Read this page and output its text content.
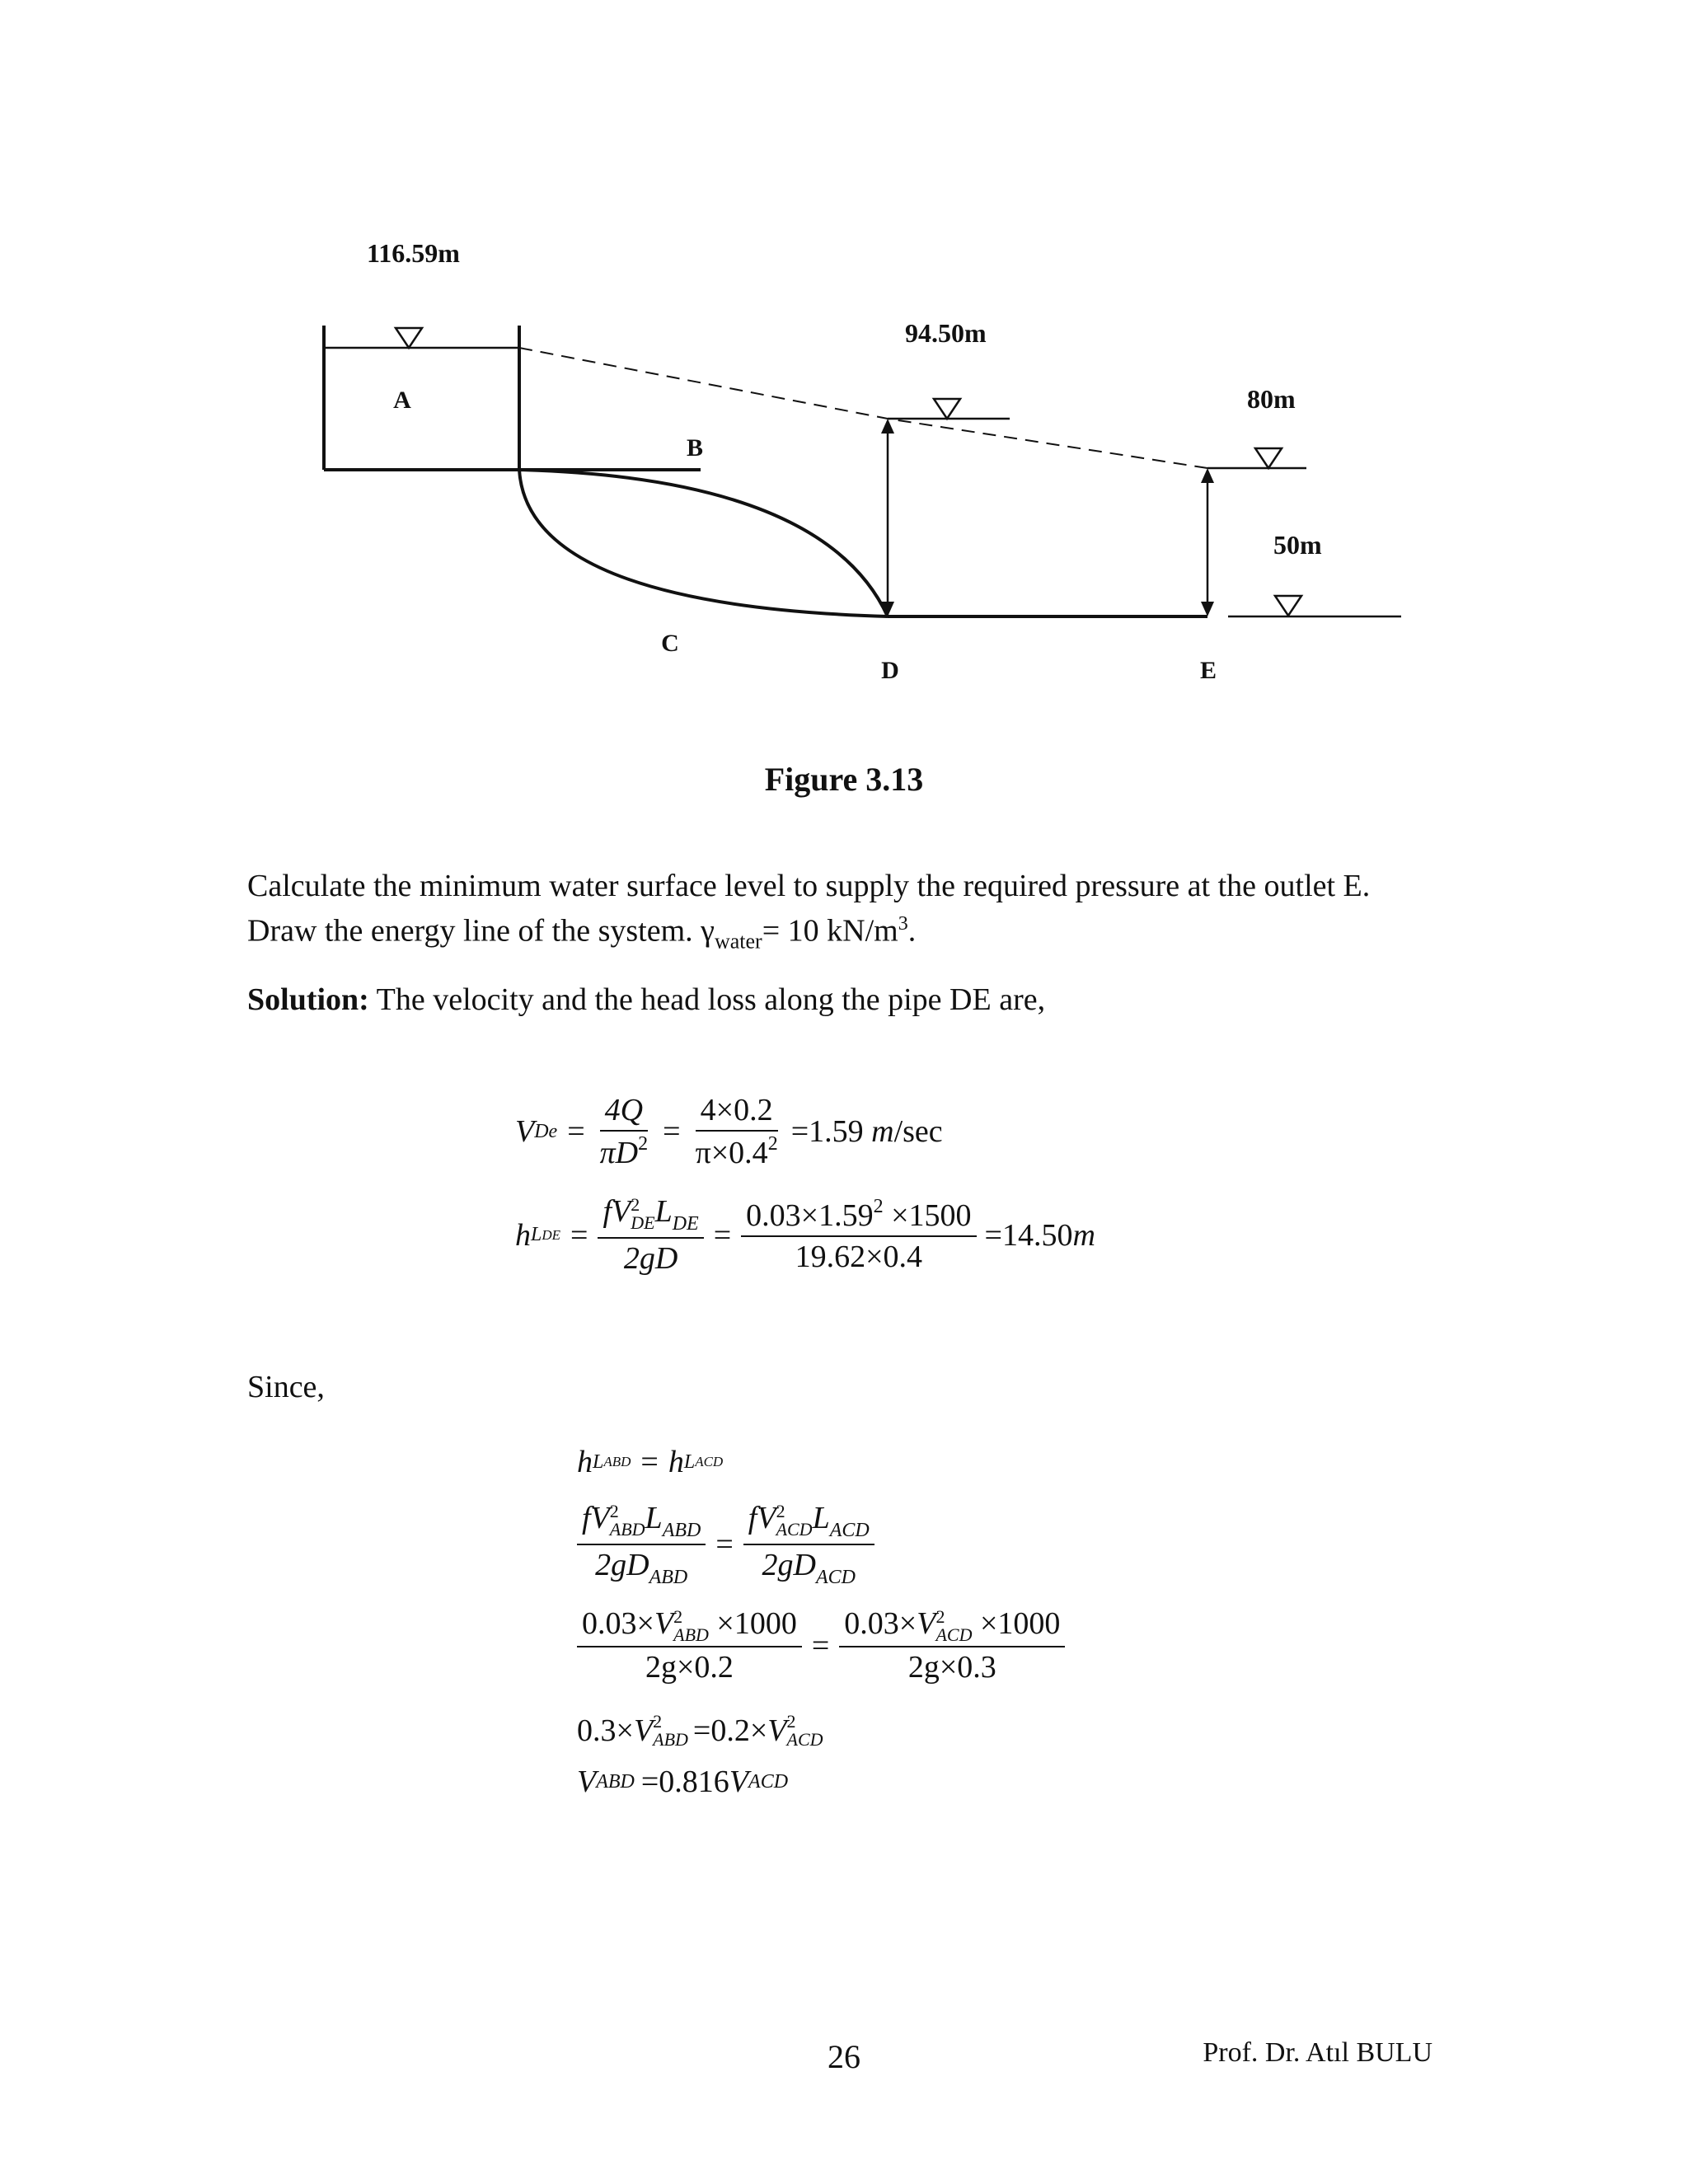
116.59m
94.50m
80m
50m
A
B
C
D	E
Figure 3.13
Calculate the minimum water surface level to supply the required pressure at the outlet E.
Draw the energy line of the system. $\gamma_{water}= 10$ $kN/m^3$.
Solution: The velocity and the head loss along the pipe DE are,
V $De = \frac{4Q}{\pi D^2} = \frac{4\times 0.2}{\pi\times 0.4^2} =1.59$
m /sec
h L DE = fV 2
DE $L_{DE}$
$2gD = \frac{0.03\times 1.59^2 \times 1500}{19.62\times 0.4} =14.50$ m
Since,
h L ABD = h L ACD
fV 2
ABD $L_{ABD}$
$2gD_{ABD}$ = fV 2
ACD $L_{ACD}$
$2gD_{ACD}$
0.03×V 2
ABD ×1000
2g×0.2 = 0.03×V 2
ACD ×1000
2g×0.3
0.3× V 2
ABD =0.2× V 2
ACD
V ABD =0.816 V ACD
26	Prof. Dr. Atıl BULU
